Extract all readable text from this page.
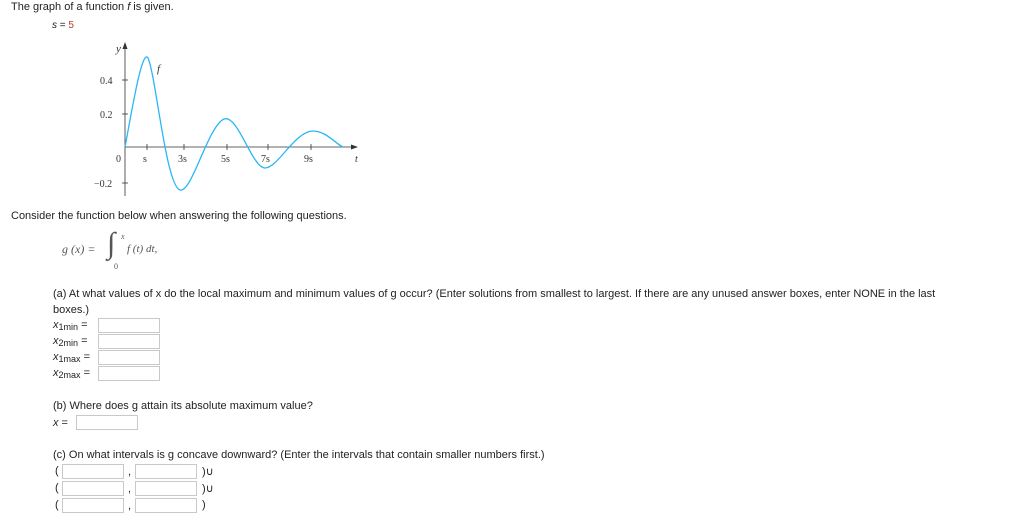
The graph of a function f is given.
s = 5
y
t
f
0.4
0.2
0
−0.2
s	3s	5s	7s	9s
Consider the function below when answering the following questions.
g (x) = ∫ x
0
f (t) dt,
(a) At what values of x do the local maximum and minimum values of g occur? (Enter solutions from smallest to largest. If there are any unused answer boxes, enter NONE in the last
boxes.)
$x_{1min}$ =
$x_{2min}$ =
$x_{1max}$ =
$x_{2max}$ =
(b) Where does g attain its absolute maximum value?
x =
(c) On what intervals is g concave downward? (Enter the intervals that contain smaller numbers first.)
(	,	)∪
(	,	)∪
(	,	)
